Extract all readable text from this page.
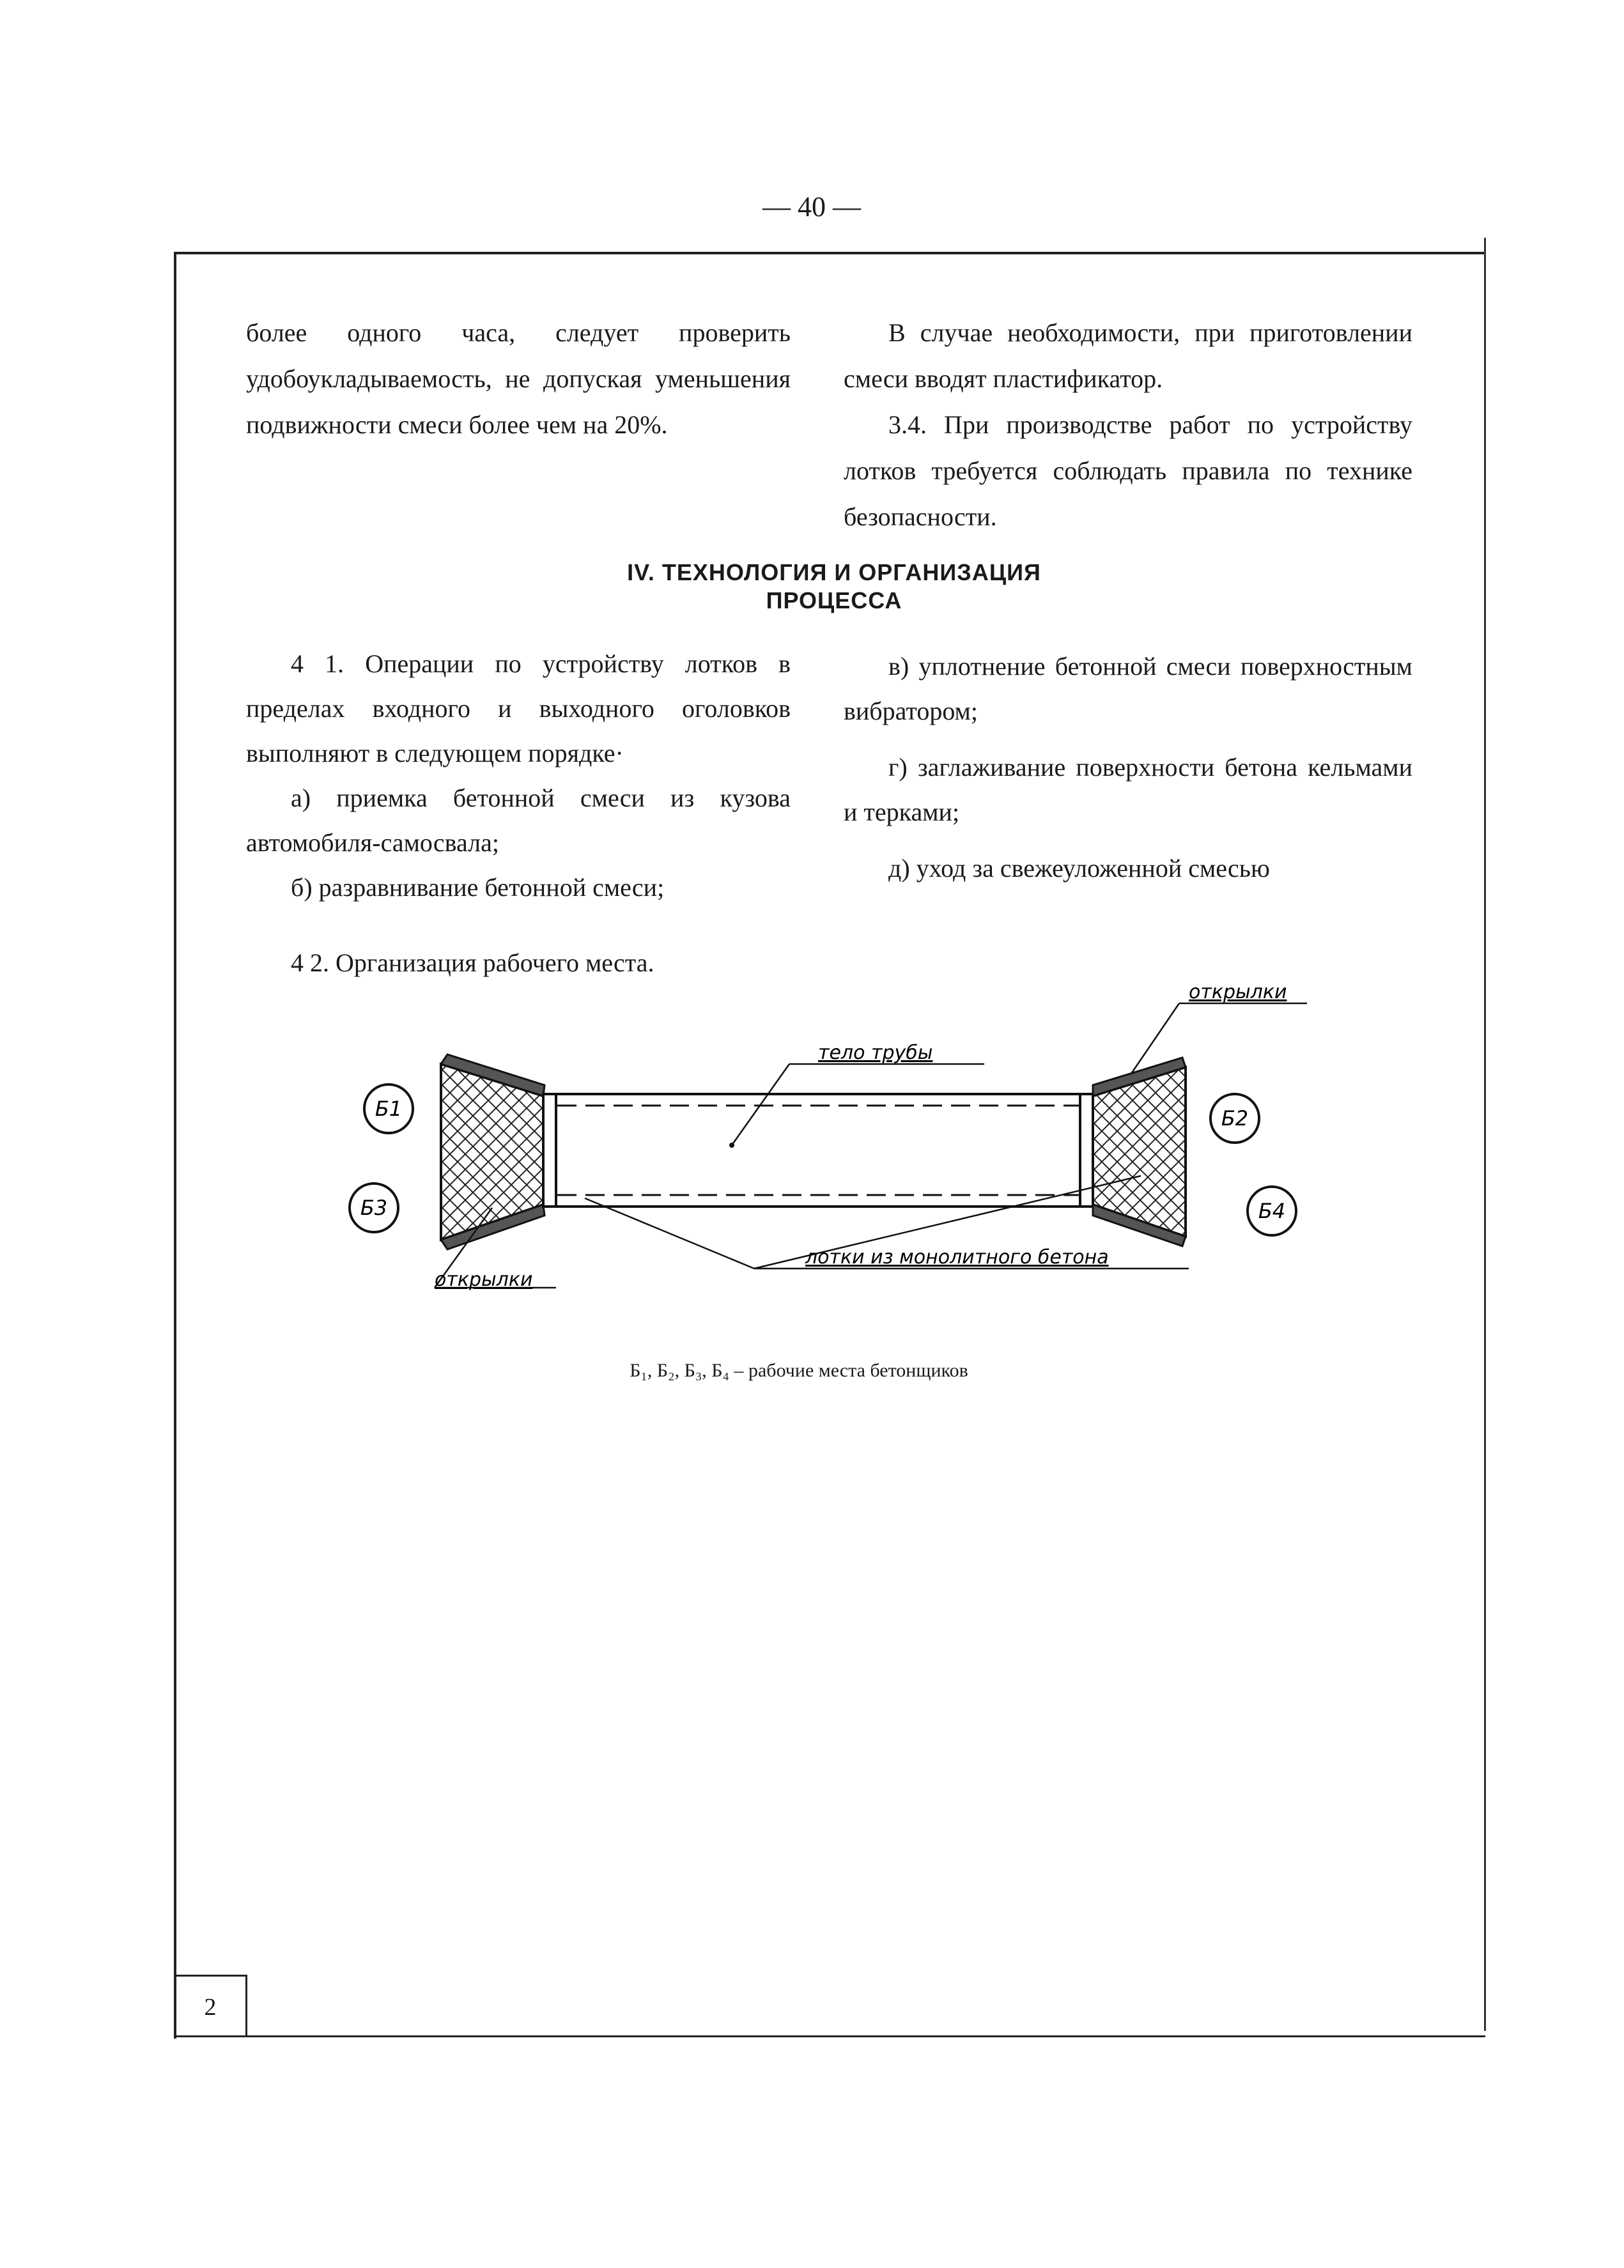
— 40 —
2

более одного часа, следует проверить удобоукладываемость, не допуская уменьшения подвижности смеси более чем на 20%.

В случае необходимости, при приготовлении смеси вводят пластификатор.

3.4. При производстве работ по устройству лотков требуется соблюдать правила по технике безопасности.

IV. ТЕХНОЛОГИЯ И ОРГАНИЗАЦИЯ
ПРОЦЕССА

4 1. Операции по устройству лотков в пределах входного и выходного оголовков выполняют в следующем порядке·

а) приемка бетонной смеси из кузова автомобиля-самосвала;

б) разравнивание бетонной смеси;

4 2. Организация рабочего места.

в) уплотнение бетонной смеси поверхностным вибратором;

г) заглаживание поверхности бетона кельмами и терками;

д) уход за свежеуложенной смесью

тело трубы
открылки
открылки
лотки из монолитного бетона
Б1
Б3
Б2
Б4
Б₁, Б₂, Б₃, Б₄ – рабочие места бетонщиков
